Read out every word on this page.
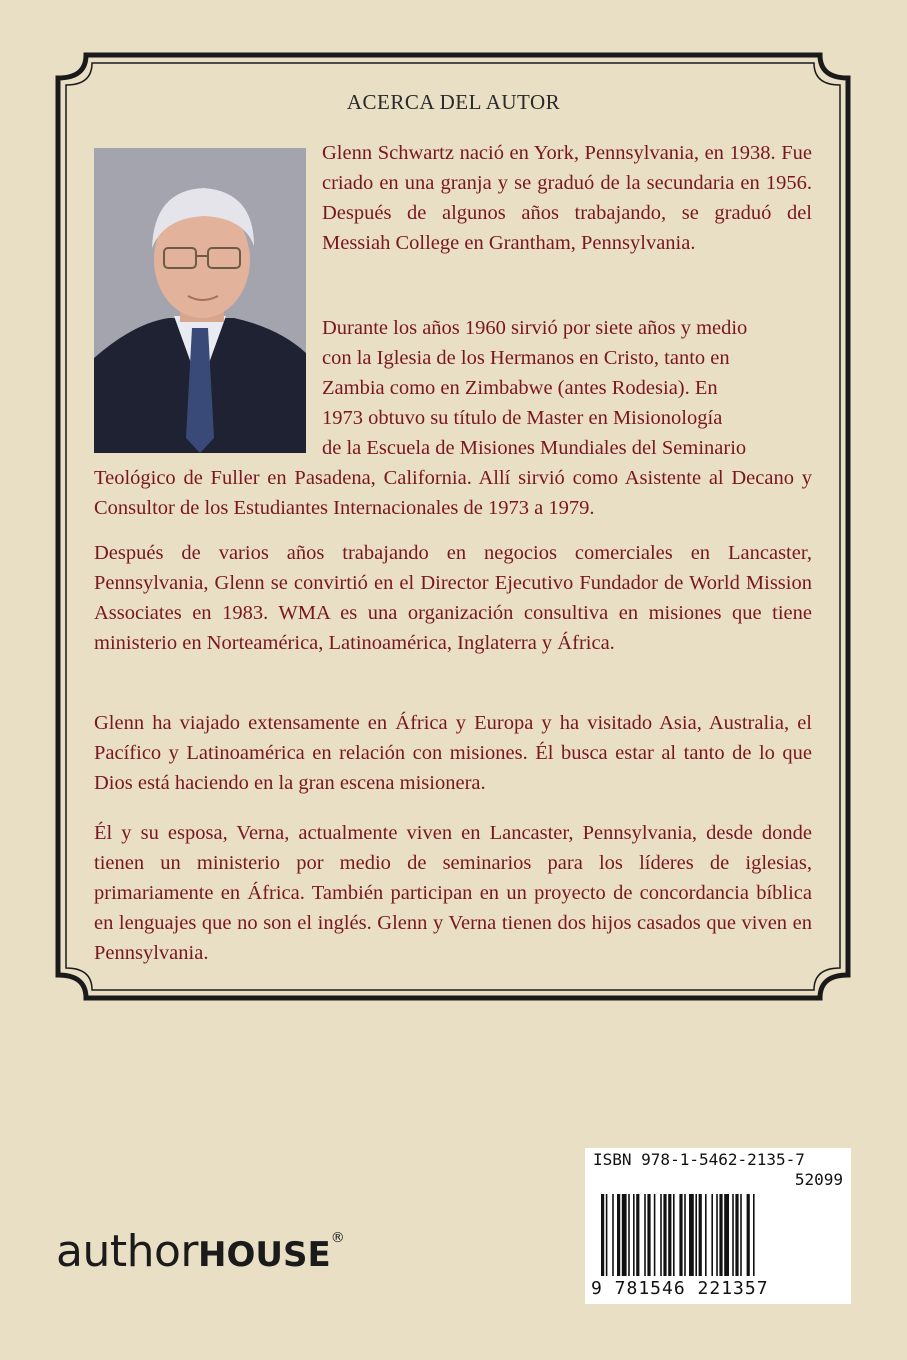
ACERCA DEL AUTOR
Glenn Schwartz nació en York, Pennsylvania, en 1938. Fue criado en una granja y se graduó de la secundaria en 1956. Después de algunos años trabajando, se graduó del Messiah College en Grantham, Pennsylvania.
Durante los años 1960 sirvió por siete años y medio
con la Iglesia de los Hermanos en Cristo, tanto en
Zambia como en Zimbabwe (antes Rodesia). En
1973 obtuvo su título de Master en Misionología
de la Escuela de Misiones Mundiales del Seminario
Teológico de Fuller en Pasadena, California. Allí sirvió como Asistente al Decano y Consultor de los Estudiantes Internacionales de 1973 a 1979.
Después de varios años trabajando en negocios comerciales en Lancaster, Pennsylvania, Glenn se convirtió en el Director Ejecutivo Fundador de World Mission Associates en 1983. WMA es una organización consultiva en misiones que tiene ministerio en Norteamérica, Latinoamérica, Inglaterra y África.
Glenn ha viajado extensamente en África y Europa y ha visitado Asia, Australia, el Pacífico y Latinoamérica en relación con misiones. Él busca estar al tanto de lo que Dios está haciendo en la gran escena misionera.
Él y su esposa, Verna, actualmente viven en Lancaster, Pennsylvania, desde donde tienen un ministerio por medio de seminarios para los líderes de iglesias, primariamente en África. También participan en un proyecto de concordancia bíblica en lenguajes que no son el inglés. Glenn y Verna tienen dos hijos casados que viven en Pennsylvania.
ISBN 978-1-5462-2135-7
52099
9 781546 221357
authorHOUSE®
